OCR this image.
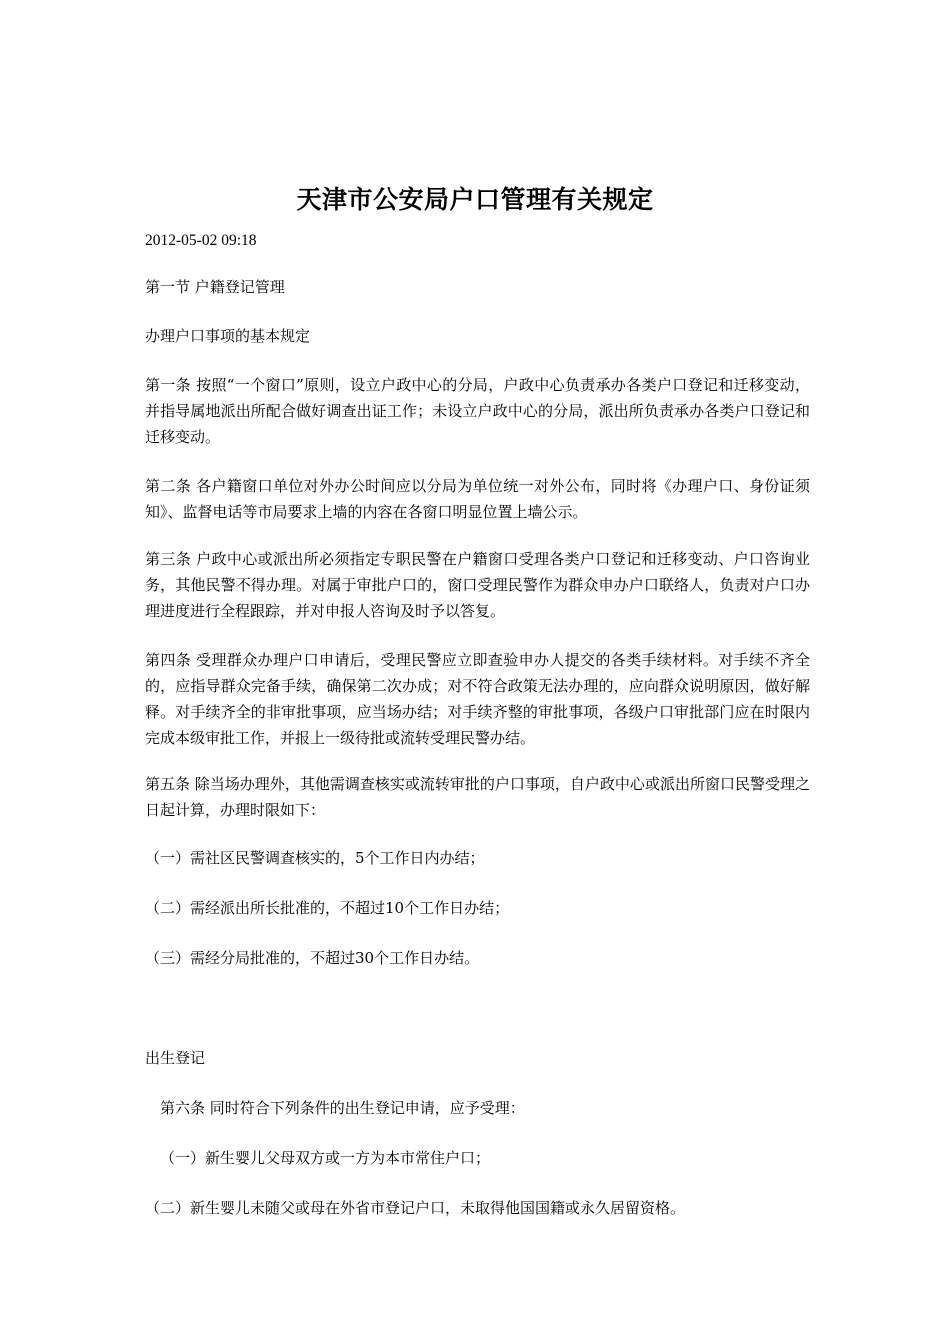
天津市公安局户口管理有关规定
2012-05-02 09:18
第一节 户籍登记管理
办理户口事项的基本规定
第一条 按照“一个窗口”原则，设立户政中心的分局，户政中心负责承办各类户口登记和迁移变动，并指导属地派出所配合做好调查出证工作；未设立户政中心的分局，派出所负责承办各类户口登记和迁移变动。
第二条 各户籍窗口单位对外办公时间应以分局为单位统一对外公布，同时将《办理户口、身份证须知》、监督电话等市局要求上墙的内容在各窗口明显位置上墙公示。
第三条 户政中心或派出所必须指定专职民警在户籍窗口受理各类户口登记和迁移变动、户口咨询业务，其他民警不得办理。对属于审批户口的，窗口受理民警作为群众申办户口联络人，负责对户口办理进度进行全程跟踪，并对申报人咨询及时予以答复。
第四条 受理群众办理户口申请后，受理民警应立即查验申办人提交的各类手续材料。对手续不齐全的，应指导群众完备手续，确保第二次办成；对不符合政策无法办理的，应向群众说明原因，做好解释。对手续齐全的非审批事项，应当场办结；对手续齐整的审批事项，各级户口审批部门应在时限内完成本级审批工作，并报上一级待批或流转受理民警办结。
第五条 除当场办理外，其他需调查核实或流转审批的户口事项，自户政中心或派出所窗口民警受理之日起计算，办理时限如下：
（一）需社区民警调查核实的，5个工作日内办结；
（二）需经派出所长批准的，不超过10个工作日办结；
（三）需经分局批准的，不超过30个工作日办结。
出生登记
第六条 同时符合下列条件的出生登记申请，应予受理：
（一）新生婴儿父母双方或一方为本市常住户口；
（二）新生婴儿未随父或母在外省市登记户口，未取得他国国籍或永久居留资格。
